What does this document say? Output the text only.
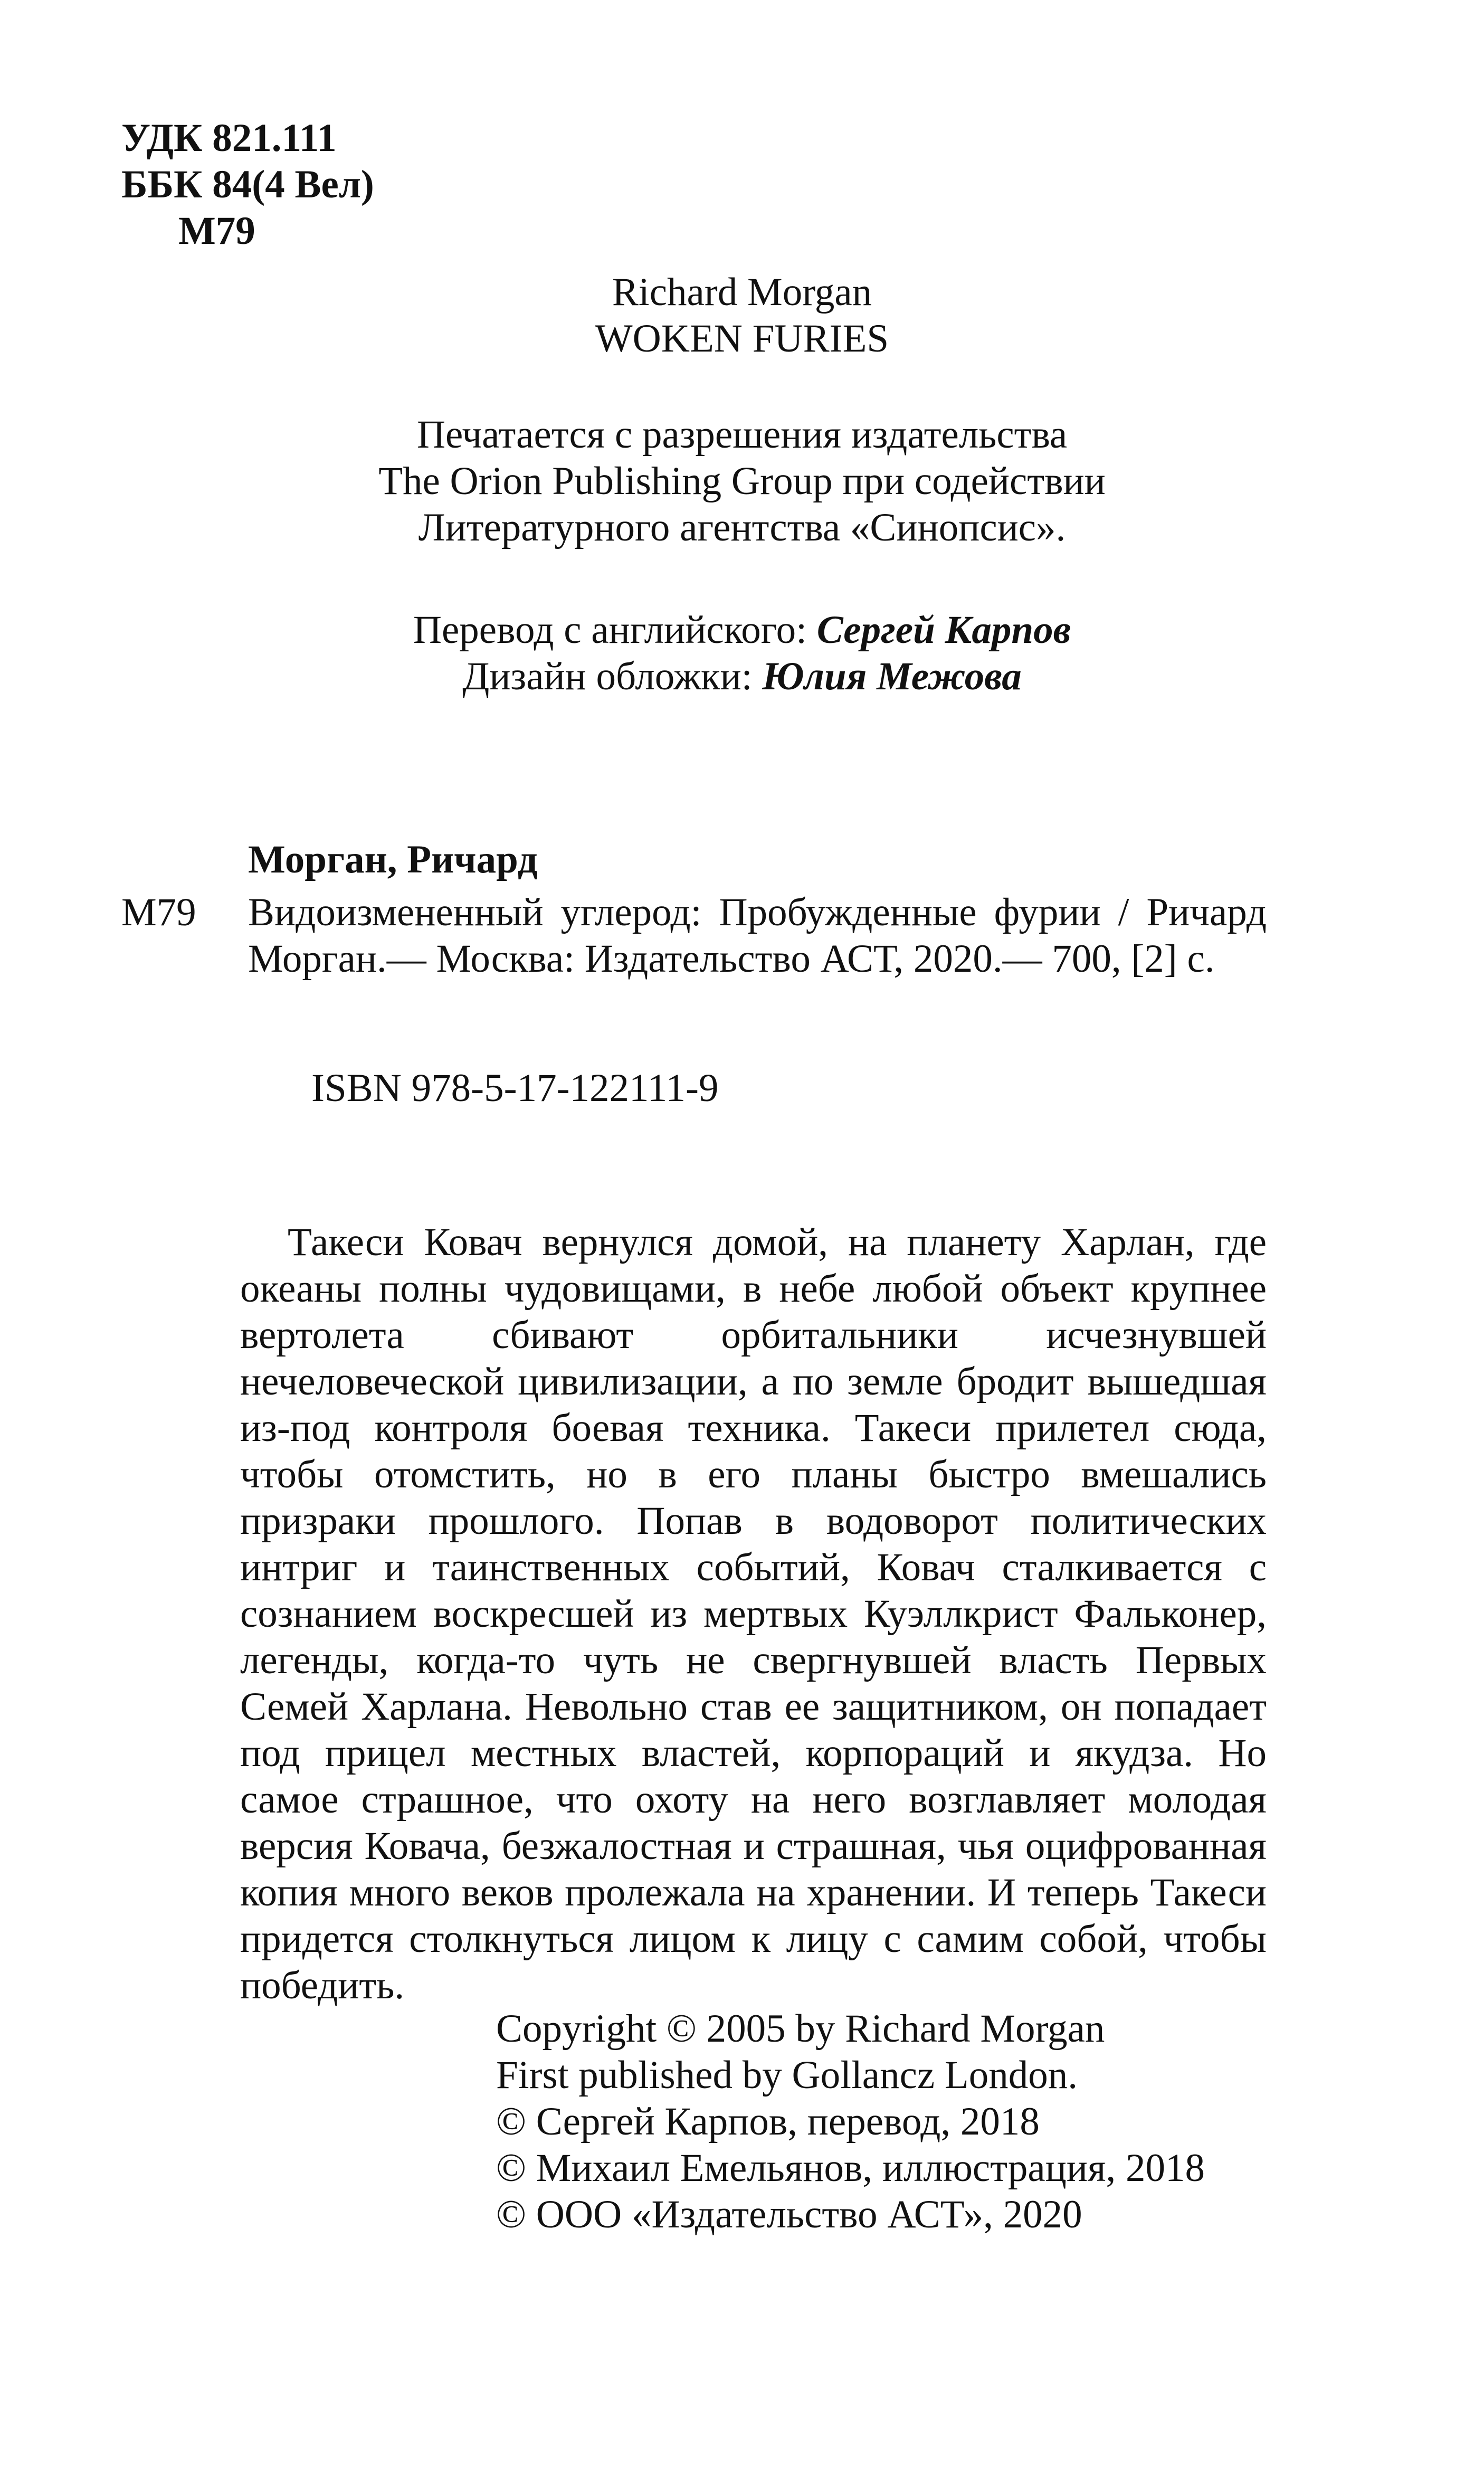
УДК 821.111
ББК 84(4 Вел)
М79
Richard Morgan
WOKEN FURIES
Печатается с разрешения издательства
The Orion Publishing Group при содействии
Литературного агентства «Синопсис».
Перевод с английского: Сергей Карпов
Дизайн обложки: Юлия Межова
Морган, Ричард
М79 Видоизмененный углерод: Пробужденные фурии / Ричард Морган.— Москва: Издательство АСТ, 2020.— 700, [2] с.
ISBN 978-5-17-122111-9
Такеси Ковач вернулся домой, на планету Харлан, где океаны полны чудовищами, в небе любой объект крупнее вертолета сбивают орбитальники исчезнувшей нечеловеческой цивилизации, а по земле бродит вышедшая из-под контроля боевая техника. Такеси прилетел сюда, чтобы отомстить, но в его планы быстро вмешались призраки прошлого. Попав в водоворот политических интриг и таинственных событий, Ковач сталкивается с сознанием воскресшей из мертвых Куэллкрист Фальконер, легенды, когда-то чуть не свергнувшей власть Первых Семей Харлана. Невольно став ее защитником, он попадает под прицел местных властей, корпораций и якудза. Но самое страшное, что охоту на него возглавляет молодая версия Ковача, безжалостная и страшная, чья оцифрованная копия много веков пролежала на хранении. И теперь Такеси придется столкнуться лицом к лицу с самим собой, чтобы победить.
Copyright © 2005 by Richard Morgan
First published by Gollancz London.
© Сергей Карпов, перевод, 2018
© Михаил Емельянов, иллюстрация, 2018
© ООО «Издательство АСТ», 2020
